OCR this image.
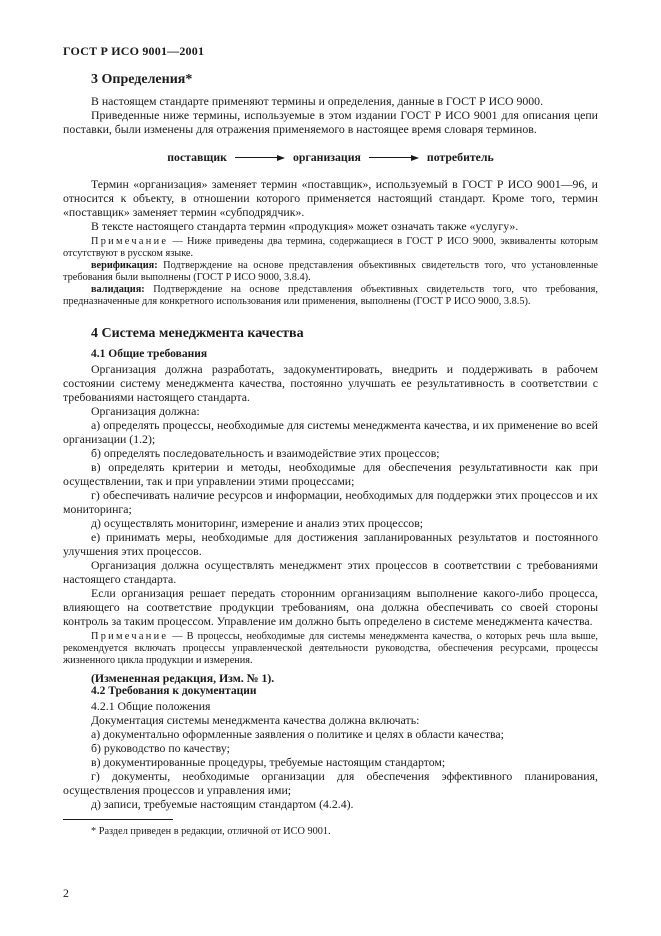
ГОСТ Р ИСО 9001—2001
3 Определения*

В настоящем стандарте применяют термины и определения, данные в ГОСТ Р ИСО 9000.

Приведенные ниже термины, используемые в этом издании ГОСТ Р ИСО 9001 для описания цепи поставки, были изменены для отражения применяемого в настоящее время словаря терминов.

поставщик	организация	потребитель

Термин «организация» заменяет термин «поставщик», используемый в ГОСТ Р ИСО 9001—96, и относится к объекту, в отношении которого применяется настоящий стандарт. Кроме того, термин «поставщик» заменяет термин «субподрядчик».

В тексте настоящего стандарта термин «продукция» может означать также «услугу».

Примечание — Ниже приведены два термина, содержащиеся в ГОСТ Р ИСО 9000, эквиваленты которым отсутствуют в русском языке.

верификация: Подтверждение на основе представления объективных свидетельств того, что установленные требования были выполнены (ГОСТ Р ИСО 9000, 3.8.4).

валидация: Подтверждение на основе представления объективных свидетельств того, что требования, предназначенные для конкретного использования или применения, выполнены (ГОСТ Р ИСО 9000, 3.8.5).

4 Система менеджмента качества
4.1 Общие требования

Организация должна разработать, задокументировать, внедрить и поддерживать в рабочем состоянии систему менеджмента качества, постоянно улучшать ее результативность в соответствии с требованиями настоящего стандарта.

Организация должна:

а) определять процессы, необходимые для системы менеджмента качества, и их применение во всей организации (1.2);

б) определять последовательность и взаимодействие этих процессов;

в) определять критерии и методы, необходимые для обеспечения результативности как при осуществлении, так и при управлении этими процессами;

г) обеспечивать наличие ресурсов и информации, необходимых для поддержки этих процессов и их мониторинга;

д) осуществлять мониторинг, измерение и анализ этих процессов;

е) принимать меры, необходимые для достижения запланированных результатов и постоянного улучшения этих процессов.

Организация должна осуществлять менеджмент этих процессов в соответствии с требованиями настоящего стандарта.

Если организация решает передать сторонним организациям выполнение какого-либо процесса, влияющего на соответствие продукции требованиям, она должна обеспечивать со своей стороны контроль за таким процессом. Управление им должно быть определено в системе менеджмента качества.

Примечание — В процессы, необходимые для системы менеджмента качества, о которых речь шла выше, рекомендуется включать процессы управленческой деятельности руководства, обеспечения ресурсами, процессы жизненного цикла продукции и измерения.

(Измененная редакция, Изм. № 1).

4.2 Требования к документации

4.2.1 Общие положения

Документация системы менеджмента качества должна включать:

а) документально оформленные заявления о политике и целях в области качества;

б) руководство по качеству;

в) документированные процедуры, требуемые настоящим стандартом;

г) документы, необходимые организации для обеспечения эффективного планирования, осуществления процессов и управления ими;

д) записи, требуемые настоящим стандартом (4.2.4).

* Раздел приведен в редакции, отличной от ИСО 9001.
2
